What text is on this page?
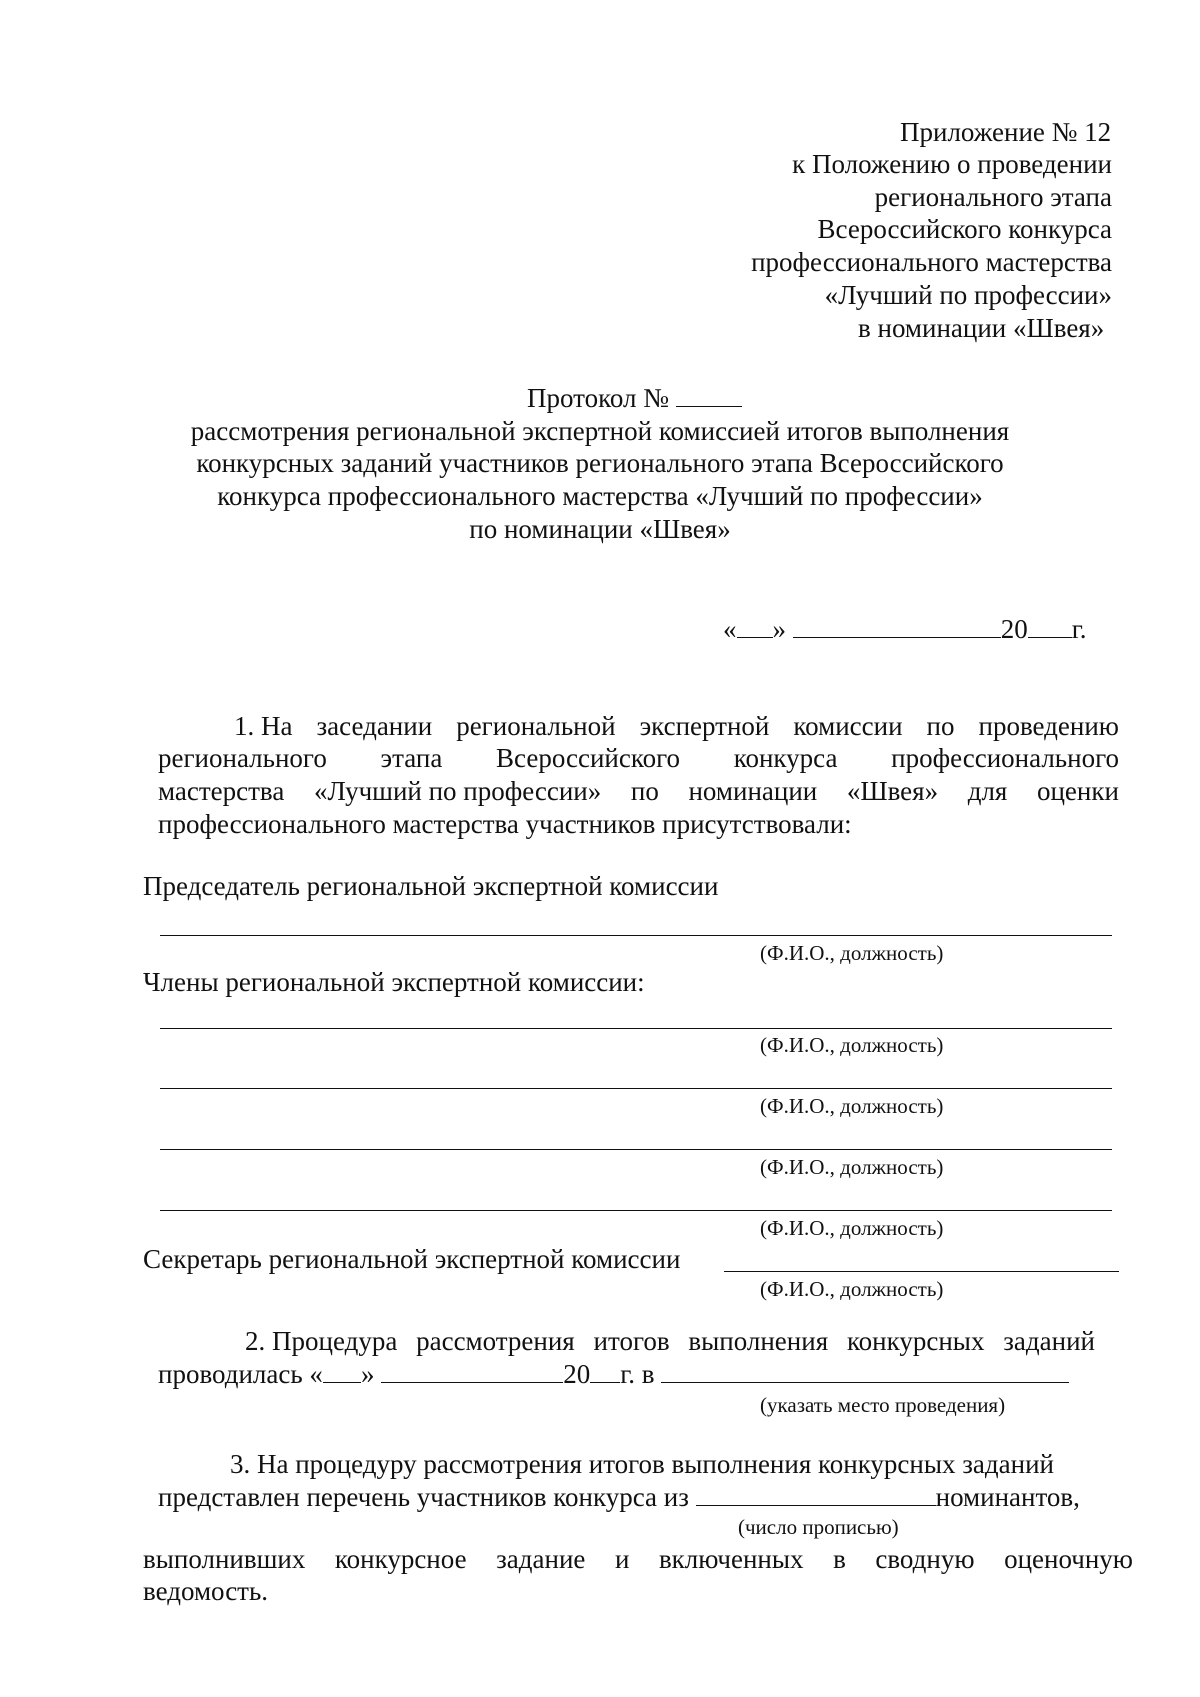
Приложение № 12
к Положению о проведении
регионального этапа
Всероссийского конкурса
профессионального мастерства
«Лучший по профессии»
в номинации «Швея»
Протокол №
рассмотрения региональной экспертной комиссией итогов выполнения
конкурсных заданий участников регионального этапа Всероссийского
конкурса профессионального мастерства «Лучший по профессии»
по номинации «Швея»
« »	20 г.
1. На заседании региональной экспертной комиссии по проведению
регионального этапа Всероссийского конкурса профессионального
мастерства «Лучший по профессии» по номинации «Швея» для оценки
профессионального мастерства участников присутствовали:
Председатель региональной экспертной комиссии
(Ф.И.О., должность)
Члены региональной экспертной комиссии:
(Ф.И.О., должность)
(Ф.И.О., должность)
(Ф.И.О., должность)
(Ф.И.О., должность)
Секретарь региональной экспертной комиссии
(Ф.И.О., должность)
2. Процедура рассмотрения итогов выполнения конкурсных заданий
проводилась « »	20 г. в
(указать место проведения)
3. На процедуру рассмотрения итогов выполнения конкурсных заданий
представлен перечень участников конкурса из	номинантов,
(число прописью)
выполнивших конкурсное задание и включенных в сводную оценочную
ведомость.
